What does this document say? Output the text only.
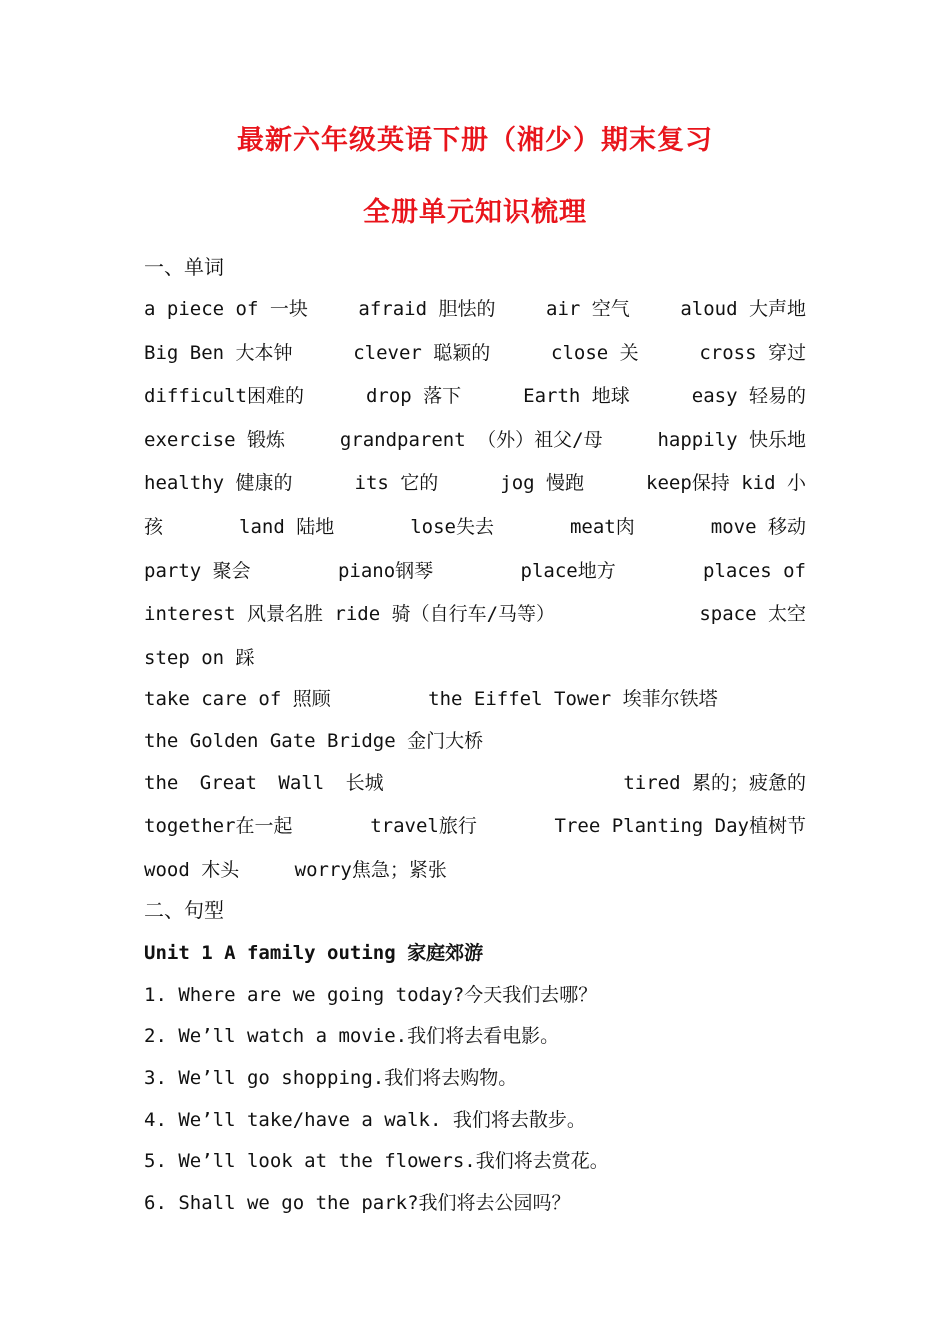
最新六年级英语下册（湘少）期末复习
全册单元知识梳理
一、单词
a piece of 一块	afraid 胆怯的	air 空气	aloud 大声地
Big Ben 大本钟	clever 聪颖的	close 关	cross 穿过
difficult困难的	drop 落下	Earth 地球	easy 轻易的
exercise 锻炼	grandparent （外）祖父/母	happily 快乐地
healthy 健康的	its 它的	jog 慢跑	keep保持 kid 小
孩	land 陆地	lose失去	meat肉	move 移动
party 聚会	piano钢琴	place地方	places of
interest 风景名胜 ride 骑（自行车/马等）	space 太空
step on 踩
take care of 照顾	the Eiffel Tower 埃菲尔铁塔
the Golden Gate Bridge 金门大桥
the Great Wall 长城	tired 累的；疲惫的
together在一起	travel旅行	Tree Planting Day植树节
wood 木头	worry焦急；紧张
二、句型
Unit 1 A family outing 家庭郊游
1. Where are we going today?今天我们去哪？
2. We’ll watch a movie.我们将去看电影。
3. We’ll go shopping.我们将去购物。
4. We’ll take/have a walk. 我们将去散步。
5. We’ll look at the flowers.我们将去赏花。
6. Shall we go the park?我们将去公园吗？
